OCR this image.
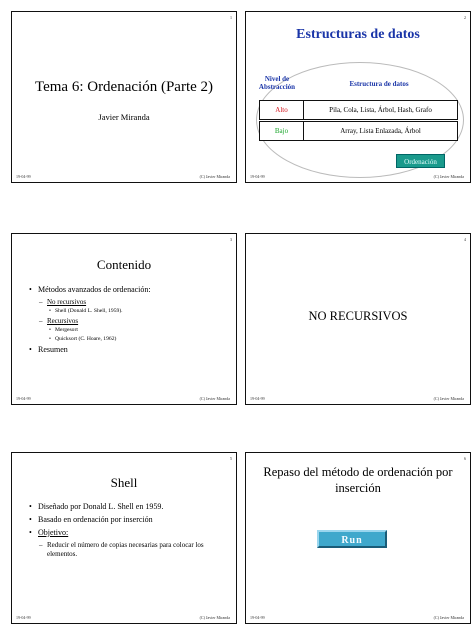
1
Tema 6: Ordenación (Parte 2)
Javier Miranda
19-04-99	(C) Javier Miranda
2
Estructuras de datos
Nivel de Abstracción	Estructura de datos
Alto	Pila, Cola, Lista, Árbol, Hash, Grafo
Bajo	Array, Lista Enlazada, Árbol
Ordenación
19-04-99	(C) Javier Miranda
3
Contenido
• Métodos avanzados de ordenación:
– No recursivos
• Shell (Donald L. Shell, 1959).
– Recursivos
• Mergesort
• Quicksort (C. Hoare, 1962)
• Resumen
19-04-99	(C) Javier Miranda
4
NO RECURSIVOS
19-04-99	(C) Javier Miranda
5
Shell
• Diseñado por Donald L. Shell en 1959.
• Basado en ordenación por inserción
• Objetivo:
– Reducir el número de copias necesarias para colocar los elementos.
19-04-99	(C) Javier Miranda
6
Repaso del método de ordenación por inserción
Run
19-04-99	(C) Javier Miranda
